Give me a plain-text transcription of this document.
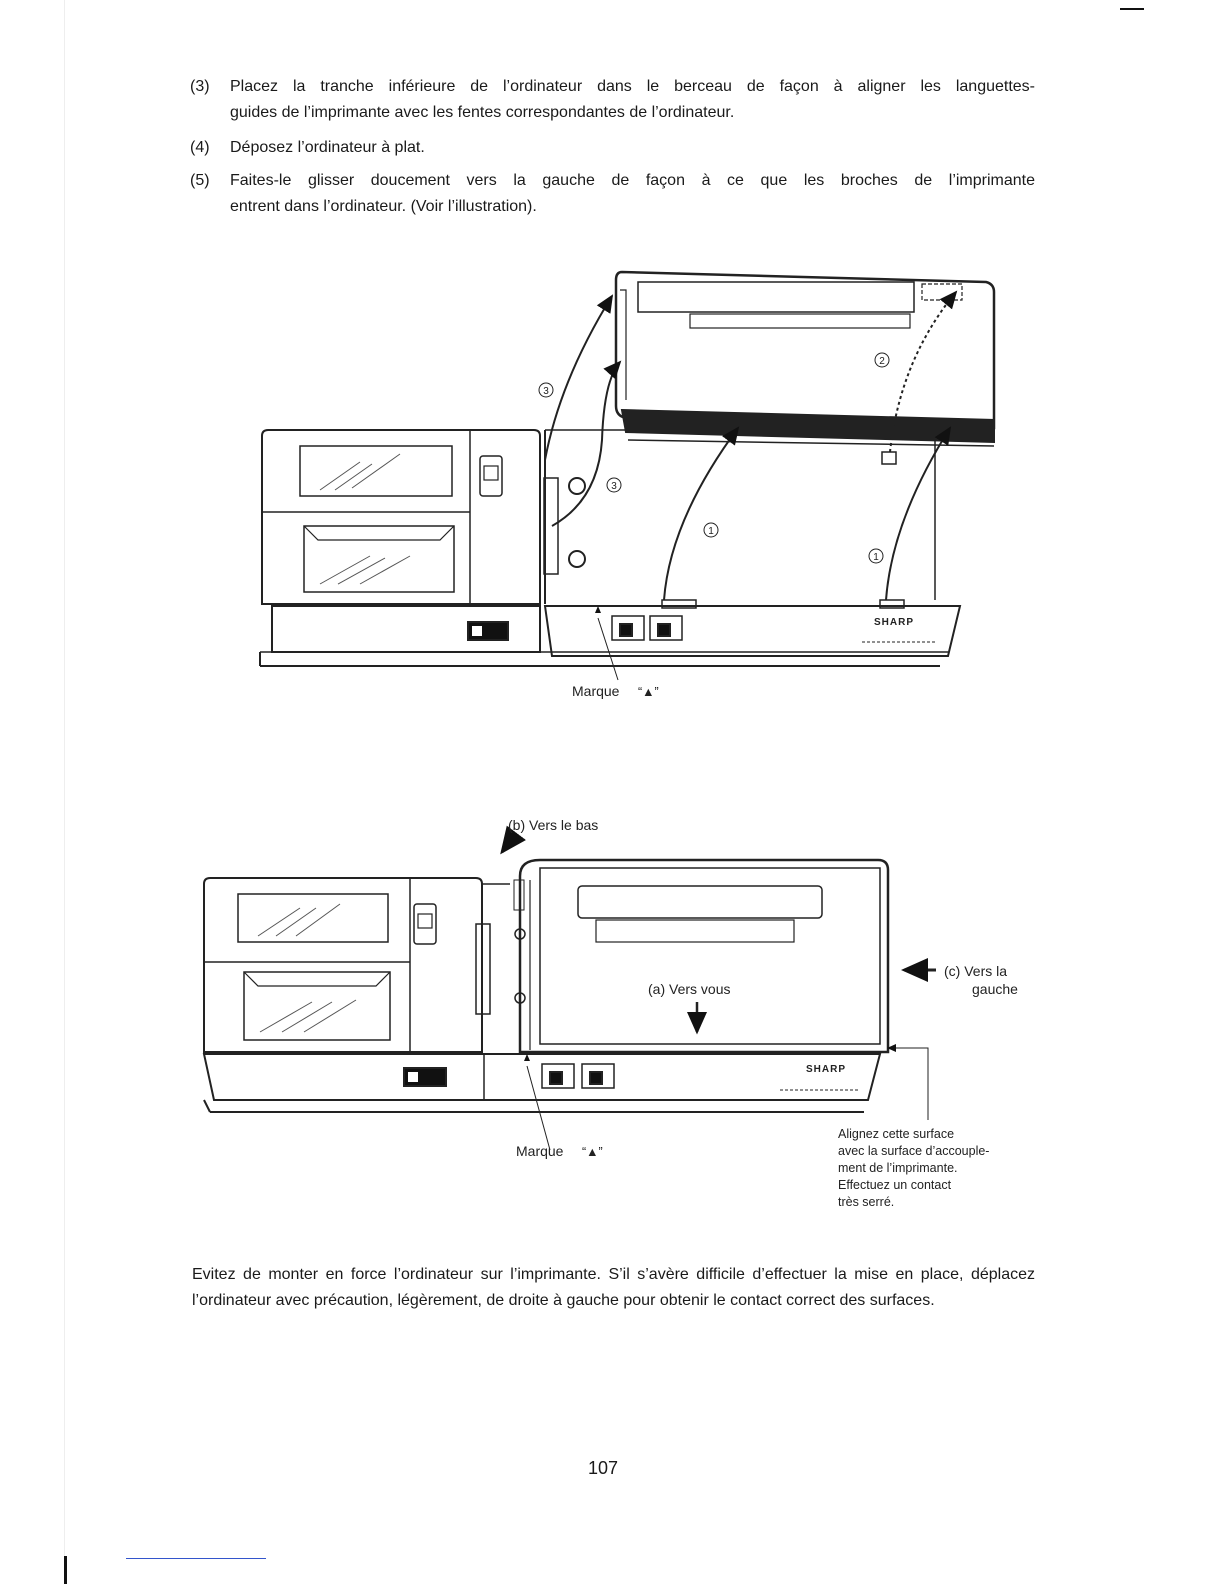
(3) Placez la tranche inférieure de l’ordinateur dans le berceau de façon à aligner les languettes-
guides de l’imprimante avec les fentes correspondantes de l’ordinateur.
(4) Déposez l’ordinateur à plat.
(5) Faites-le glisser doucement vers la gauche de façon à ce que les broches de l’imprimante
entrent dans l’ordinateur. (Voir l’illustration).
3
3
1
1
2
SHARP
Marque “▲”
(b) Vers le bas
(a) Vers vous
(c) Vers la
gauche
SHARP
Marque “▲”
Alignez cette surface
avec la surface d’accouple-
ment de l’imprimante.
Effectuez un contact
très serré.
Evitez de monter en force l’ordinateur sur l’imprimante. S’il s’avère difficile d’effectuer la mise en place, déplacez l’ordinateur avec précaution, légèrement, de droite à gauche pour obtenir le contact correct des surfaces.
107
